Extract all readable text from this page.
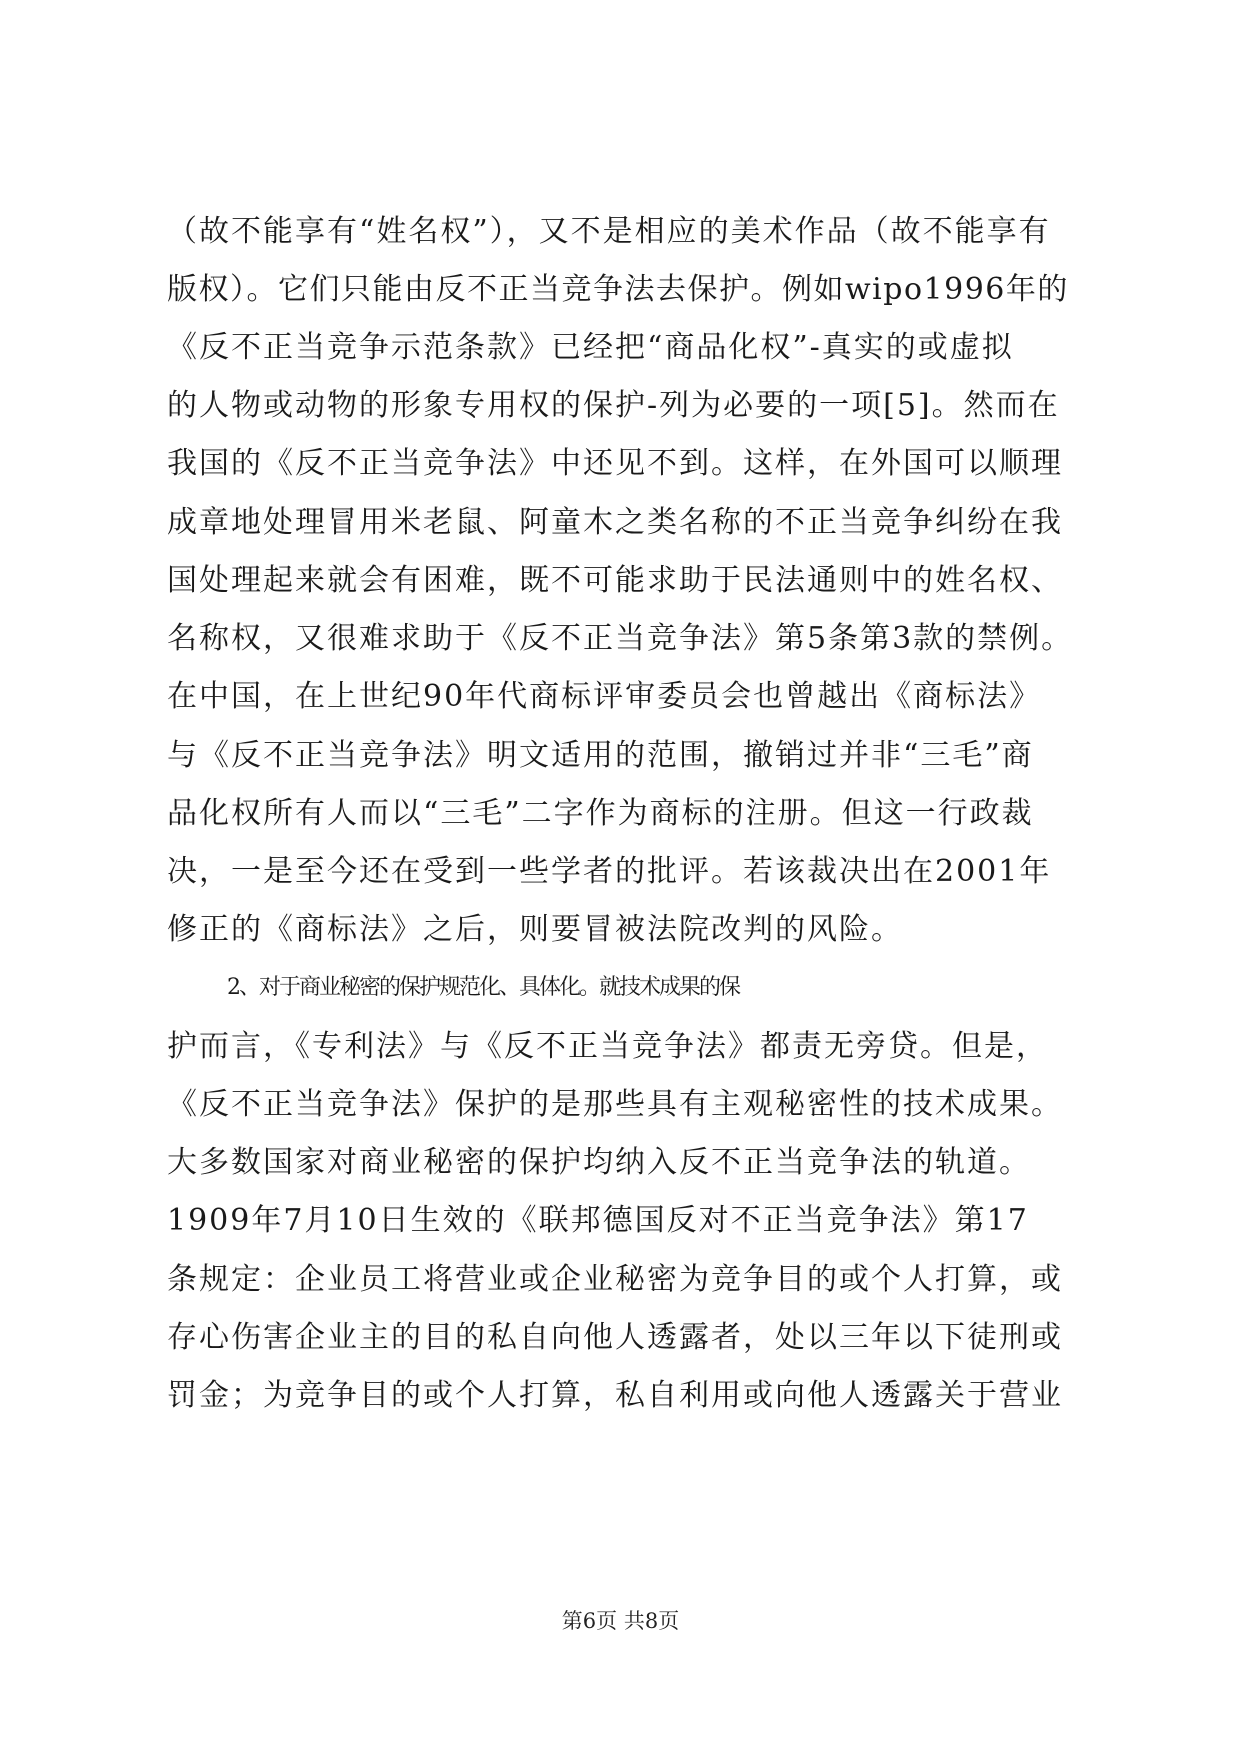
（故不能享有“姓名权”），又不是相应的美术作品（故不能享有
版权）。它们只能由反不正当竞争法去保护。例如wipo1996年的
《反不正当竞争示范条款》已经把“商品化权”-真实的或虚拟
的人物或动物的形象专用权的保护-列为必要的一项[5]。然而在
我国的《反不正当竞争法》中还见不到。这样，在外国可以顺理
成章地处理冒用米老鼠、阿童木之类名称的不正当竞争纠纷在我
国处理起来就会有困难，既不可能求助于民法通则中的姓名权、
名称权，又很难求助于《反不正当竞争法》第5条第3款的禁例。
在中国，在上世纪90年代商标评审委员会也曾越出《商标法》
与《反不正当竞争法》明文适用的范围，撤销过并非“三毛”商
品化权所有人而以“三毛”二字作为商标的注册。但这一行政裁
决，一是至今还在受到一些学者的批评。若该裁决出在2001年
修正的《商标法》之后，则要冒被法院改判的风险。
2、对于商业秘密的保护规范化、具体化。就技术成果的保
护而言，《专利法》与《反不正当竞争法》都责无旁贷。但是，
《反不正当竞争法》保护的是那些具有主观秘密性的技术成果。
大多数国家对商业秘密的保护均纳入反不正当竞争法的轨道。
1909年7月10日生效的《联邦德国反对不正当竞争法》第17
条规定：企业员工将营业或企业秘密为竞争目的或个人打算，或
存心伤害企业主的目的私自向他人透露者，处以三年以下徒刑或
罚金；为竞争目的或个人打算，私自利用或向他人透露关于营业
第6页 共8页
